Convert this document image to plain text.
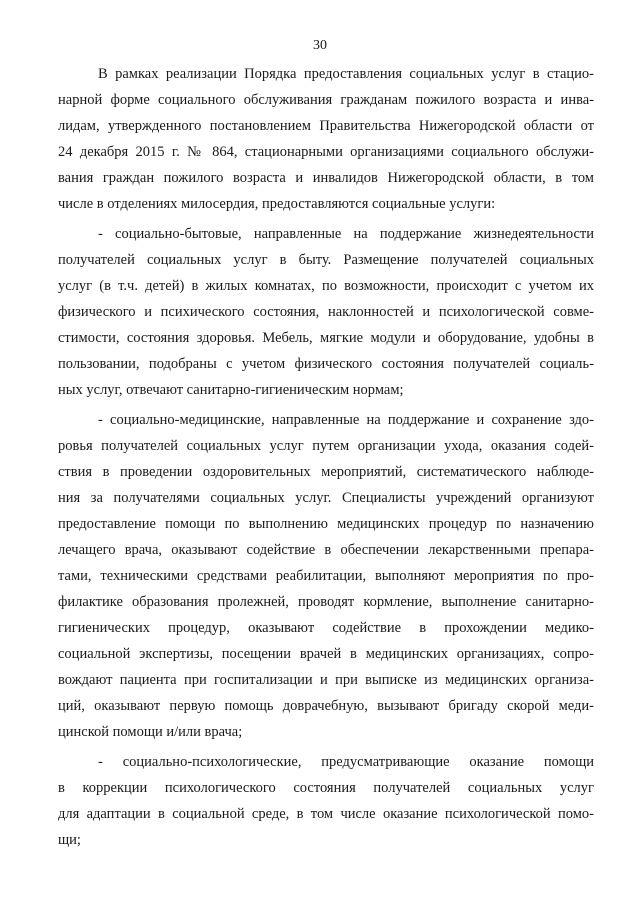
30

В рамках реализации Порядка предоставления социальных услуг в стацио-
нарной форме социального обслуживания гражданам пожилого возраста и инва-
лидам, утвержденного постановлением Правительства Нижегородской области от
24 декабря 2015 г. № 864, стационарными организациями социального обслужи-
вания граждан пожилого возраста и инвалидов Нижегородской области, в том
числе в отделениях милосердия, предоставляются социальные услуги:

- социально-бытовые, направленные на поддержание жизнедеятельности
получателей социальных услуг в быту. Размещение получателей социальных
услуг (в т.ч. детей) в жилых комнатах, по возможности, происходит с учетом их
физического и психического состояния, наклонностей и психологической совме-
стимости, состояния здоровья. Мебель, мягкие модули и оборудование, удобны в
пользовании, подобраны с учетом физического состояния получателей социаль-
ных услуг, отвечают санитарно-гигиеническим нормам;

- социально-медицинские, направленные на поддержание и сохранение здо-
ровья получателей социальных услуг путем организации ухода, оказания содей-
ствия в проведении оздоровительных мероприятий, систематического наблюде-
ния за получателями социальных услуг. Специалисты учреждений организуют
предоставление помощи по выполнению медицинских процедур по назначению
лечащего врача, оказывают содействие в обеспечении лекарственными препара-
тами, техническими средствами реабилитации, выполняют мероприятия по про-
филактике образования пролежней, проводят кормление, выполнение санитарно-
гигиенических процедур, оказывают содействие в прохождении медико-
социальной экспертизы, посещении врачей в медицинских организациях, сопро-
вождают пациента при госпитализации и при выписке из медицинских организа-
ций, оказывают первую помощь доврачебную, вызывают бригаду скорой меди-
цинской помощи и/или врача;

- социально-психологические, предусматривающие оказание помощи
в коррекции психологического состояния получателей социальных услуг
для адаптации в социальной среде, в том числе оказание психологической помо-
щи;
